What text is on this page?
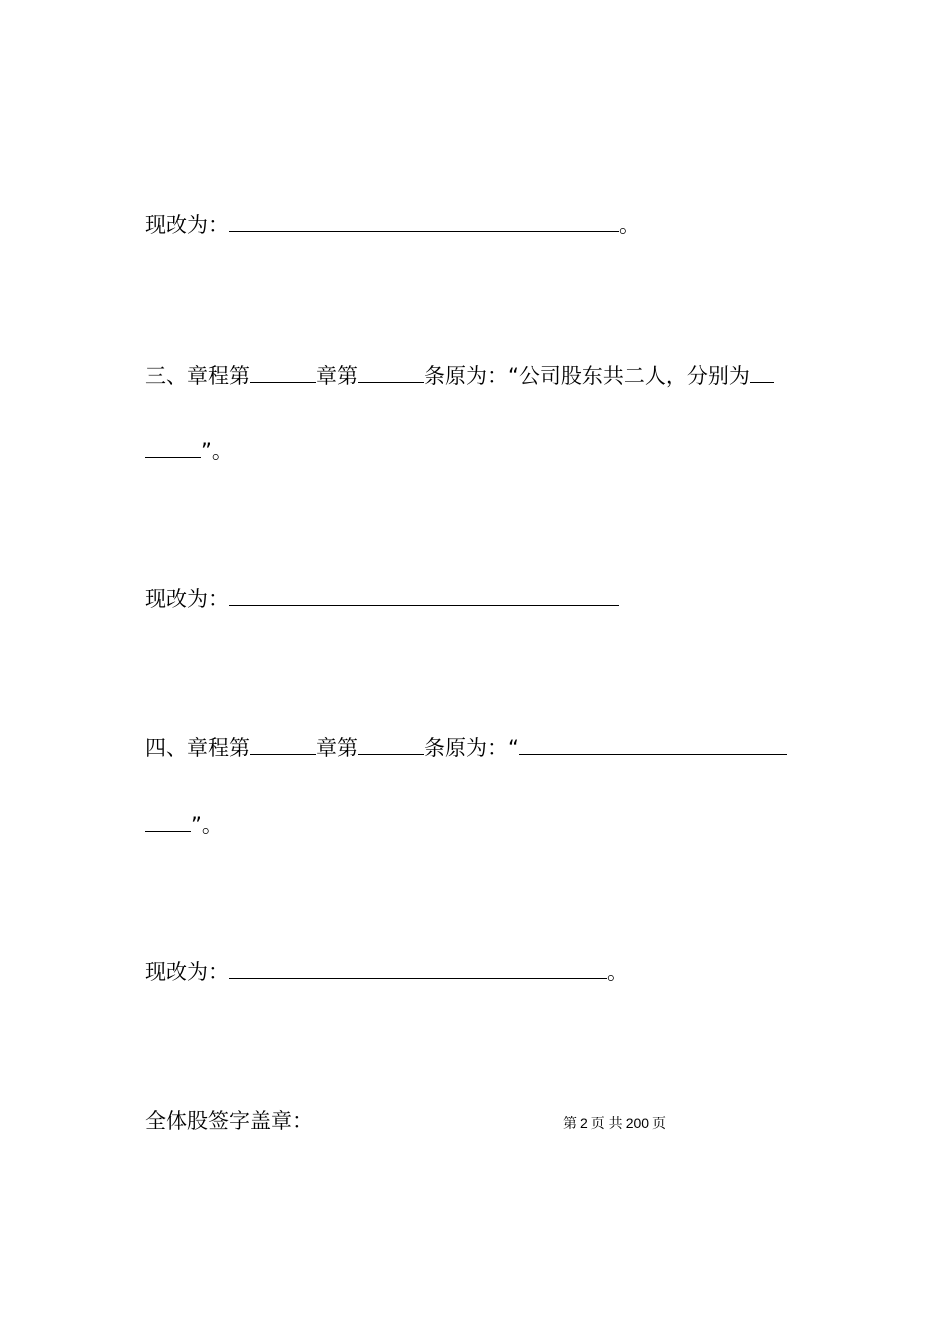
现改为：	。
三、章程第	章第	条原为：“公司股东共二人，分别为
”。
现改为：
四、章程第	章第	条原为：“
”。
现改为：	。
全体股签字盖章：	第 2 页 共 200 页
